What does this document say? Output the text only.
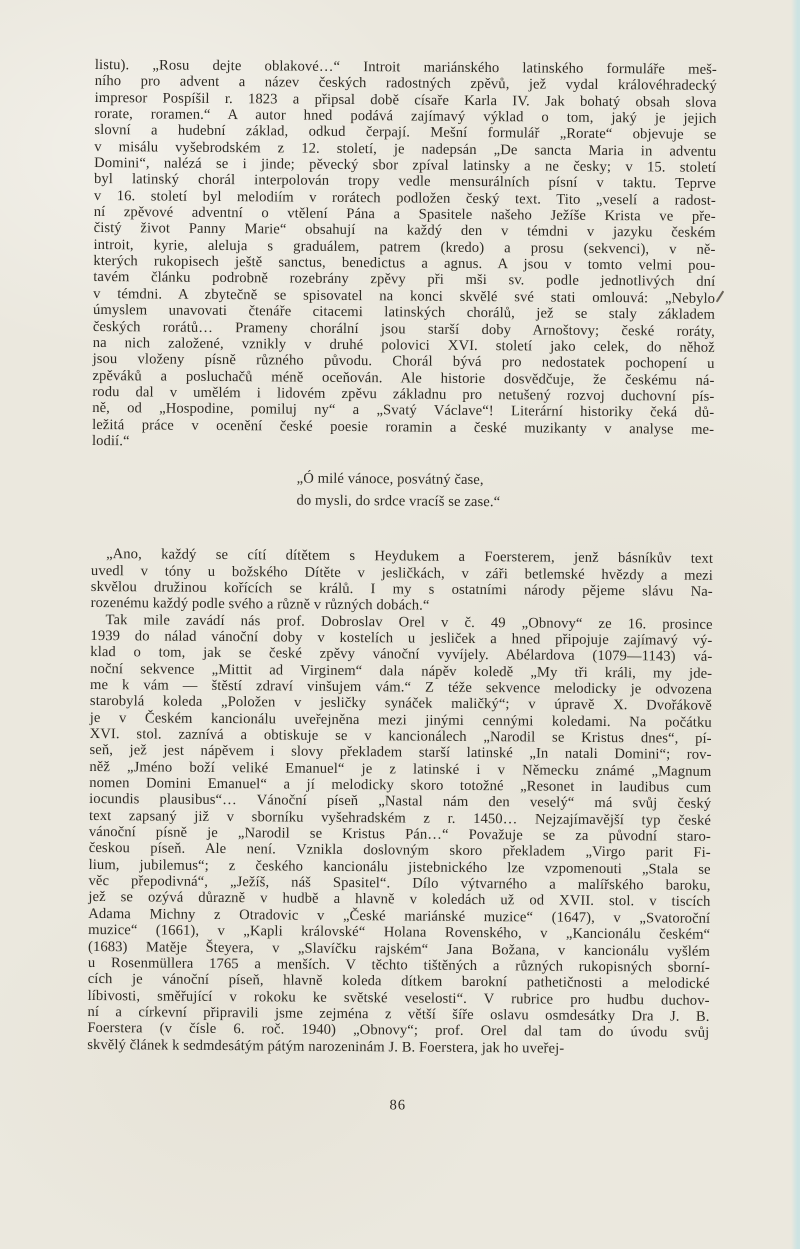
listu). „Rosu dejte oblakové…“ Introit mariánského latinského formuláře meš-
ního pro advent a název českých radostných zpěvů, jež vydal královéhradecký
impresor Pospíšil r. 1823 a připsal době císaře Karla IV. Jak bohatý obsah slova
rorate, roramen.“ A autor hned podává zajímavý výklad o tom, jaký je jejich
slovní a hudební základ, odkud čerpají. Mešní formulář „Rorate“ objevuje se
v misálu vyšebrodském z 12. století, je nadepsán „De sancta Maria in adventu
Domini“, nalézá se i jinde; pěvecký sbor zpíval latinsky a ne česky; v 15. století
byl latinský chorál interpolován tropy vedle mensurálních písní v taktu. Teprve
v 16. století byl melodiím v rorátech podložen český text. Tito „veselí a radost-
ní zpěvové adventní o vtělení Pána a Spasitele našeho Ježíše Krista ve pře-
čistý život Panny Marie“ obsahují na každý den v témdni v jazyku českém
introit, kyrie, aleluja s graduálem, patrem (kredo) a prosu (sekvenci), v ně-
kterých rukopisech ještě sanctus, benedictus a agnus. A jsou v tomto velmi pou-
tavém článku podrobně rozebrány zpěvy při mši sv. podle jednotlivých dní
v témdni. A zbytečně se spisovatel na konci skvělé své stati omlouvá: „Nebylo
úmyslem unavovati čtenáře citacemi latinských chorálů, jež se staly základem
českých rorátů… Prameny chorální jsou starší doby Arnoštovy; české roráty,
na nich založené, vznikly v druhé polovici XVI. století jako celek, do něhož
jsou vloženy písně různého původu. Chorál bývá pro nedostatek pochopení u
zpěváků a posluchačů méně oceňován. Ale historie dosvědčuje, že českému ná-
rodu dal v umělém i lidovém zpěvu základnu pro netušený rozvoj duchovní pís-
ně, od „Hospodine, pomiluj ny“ a „Svatý Václave“! Literární historiky čeká dů-
ležitá práce v ocenění české poesie roramin a české muzikanty v analyse me-
lodií.“
„Ó milé vánoce, posvátný čase,
do mysli, do srdce vracíš se zase.“
„Ano, každý se cítí dítětem s Heydukem a Foersterem, jenž básníkův text
uvedl v tóny u božského Dítěte v jesličkách, v záři betlemské hvězdy a mezi
skvělou družinou kořících se králů. I my s ostatními národy pějeme slávu Na-
rozenému každý podle svého a různě v různých dobách.“
Tak mile zavádí nás prof. Dobroslav Orel v č. 49 „Obnovy“ ze 16. prosince
1939 do nálad vánoční doby v kostelích u jesliček a hned připojuje zajímavý vý-
klad o tom, jak se české zpěvy vánoční vyvíjely. Abélardova (1079—1143) vá-
noční sekvence „Mittit ad Virginem“ dala nápěv koledě „My tři králi, my jde-
me k vám — štěstí zdraví vinšujem vám.“ Z téže sekvence melodicky je odvozena
starobylá koleda „Položen v jesličky synáček maličký“; v úpravě X. Dvořákově
je v Českém kancionálu uveřejněna mezi jinými cennými koledami. Na počátku
XVI. stol. zaznívá a obtiskuje se v kancionálech „Narodil se Kristus dnes“, pí-
seň, jež jest nápěvem i slovy překladem starší latinské „In natali Domini“; rov-
něž „Jméno boží veliké Emanuel“ je z latinské i v Německu známé „Magnum
nomen Domini Emanuel“ a jí melodicky skoro totožné „Resonet in laudibus cum
iocundis plausibus“… Vánoční píseň „Nastal nám den veselý“ má svůj český
text zapsaný již v sborníku vyšehradském z r. 1450… Nejzajímavější typ české
vánoční písně je „Narodil se Kristus Pán…“ Považuje se za původní staro-
českou píseň. Ale není. Vznikla doslovným skoro překladem „Virgo parit Fi-
lium, jubilemus“; z českého kancionálu jistebnického lze vzpomenouti „Stala se
věc přepodivná“, „Ježíš, náš Spasitel“. Dílo výtvarného a malířského baroku,
jež se ozývá důrazně v hudbě a hlavně v koledách už od XVII. stol. v tiscích
Adama Michny z Otradovic v „České mariánské muzice“ (1647), v „Svatoroční
muzice“ (1661), v „Kapli královské“ Holana Rovenského, v „Kancionálu českém“
(1683) Matěje Šteyera, v „Slavíčku rajském“ Jana Božana, v kancionálu vyšlém
u Rosenmüllera 1765 a menších. V těchto tištěných a různých rukopisných sborní-
cích je vánoční píseň, hlavně koleda dítkem barokní pathetičnosti a melodické
líbivosti, směřující v rokoku ke světské veselosti“. V rubrice pro hudbu duchov-
ní a církevní připravili jsme zejména z větší šíře oslavu osmdesátky Dra J. B.
Foerstera (v čísle 6. roč. 1940) „Obnovy“; prof. Orel dal tam do úvodu svůj
skvělý článek k sedmdesátým pátým narozeninám J. B. Foerstera, jak ho uveřej-
86
